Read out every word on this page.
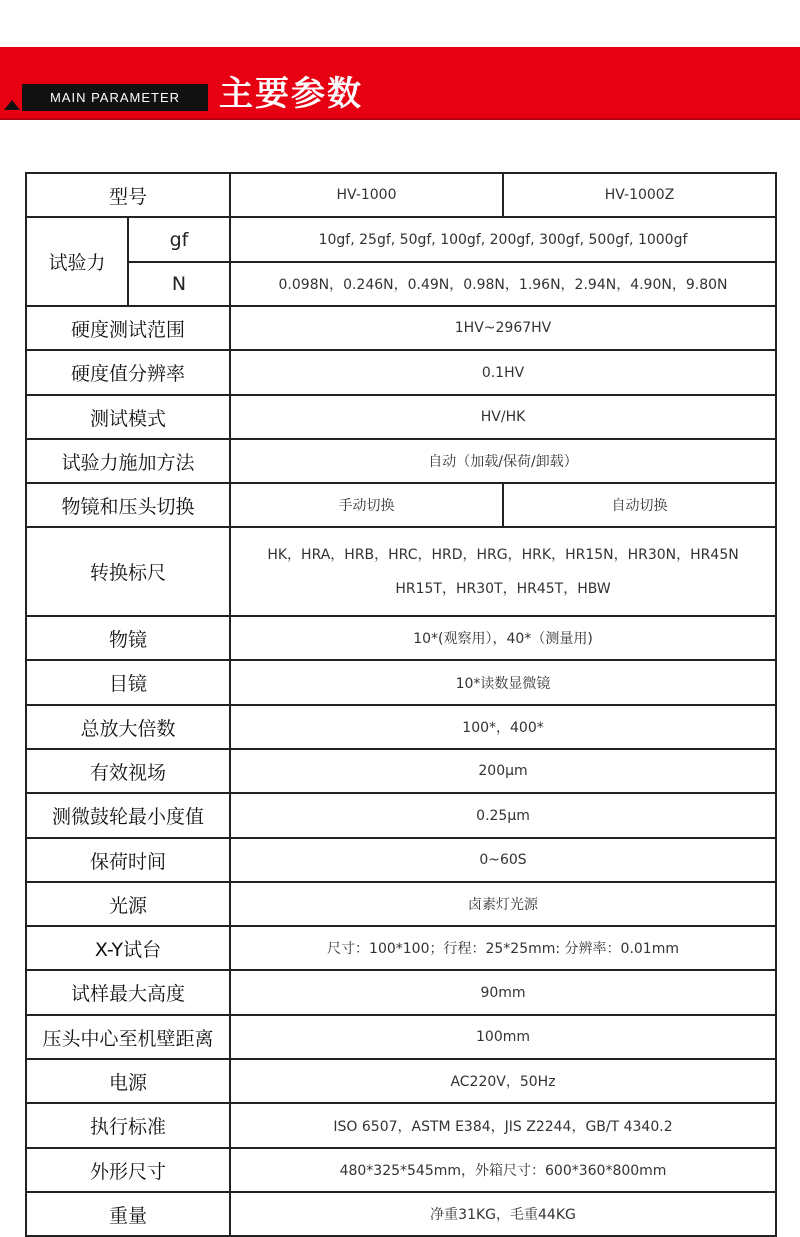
MAIN PARAMETER	主要参数
型号		HV-1000	HV-1000Z
试验力	gf	10gf, 25gf, 50gf, 100gf, 200gf, 300gf, 500gf, 1000gf	
	N	0.098N，0.246N，0.49N，0.98N，1.96N，2.94N，4.90N，9.80N	
硬度测试范围		1HV~2967HV	
硬度值分辨率		0.1HV	
测试模式		HV/HK	
试验力施加方法		自动（加载/保荷/卸载）	
物镜和压头切换		手动切换	自动切换
转换标尺		HK，HRA，HRB，HRC，HRD，HRG，HRK，HR15N，HR30N，HR45N
HR15T，HR30T，HR45T，HBW	

物镜		10*(观察用），40*（测量用)	
目镜		10*读数显微镜	
总放大倍数		100*，400*	
有效视场		200μm	
测微鼓轮最小度值		0.25μm	
保荷时间		0~60S	
光源		卤素灯光源	
X-Y试台		尺寸：100*100；行程：25*25mm: 分辨率：0.01mm	
试样最大高度		90mm	
压头中心至机壁距离		100mm	
电源		AC220V，50Hz	
执行标准		ISO 6507，ASTM E384，JIS Z2244，GB/T 4340.2	
外形尺寸		480*325*545mm，外箱尺寸：600*360*800mm	
重量		净重31KG，毛重44KG	
